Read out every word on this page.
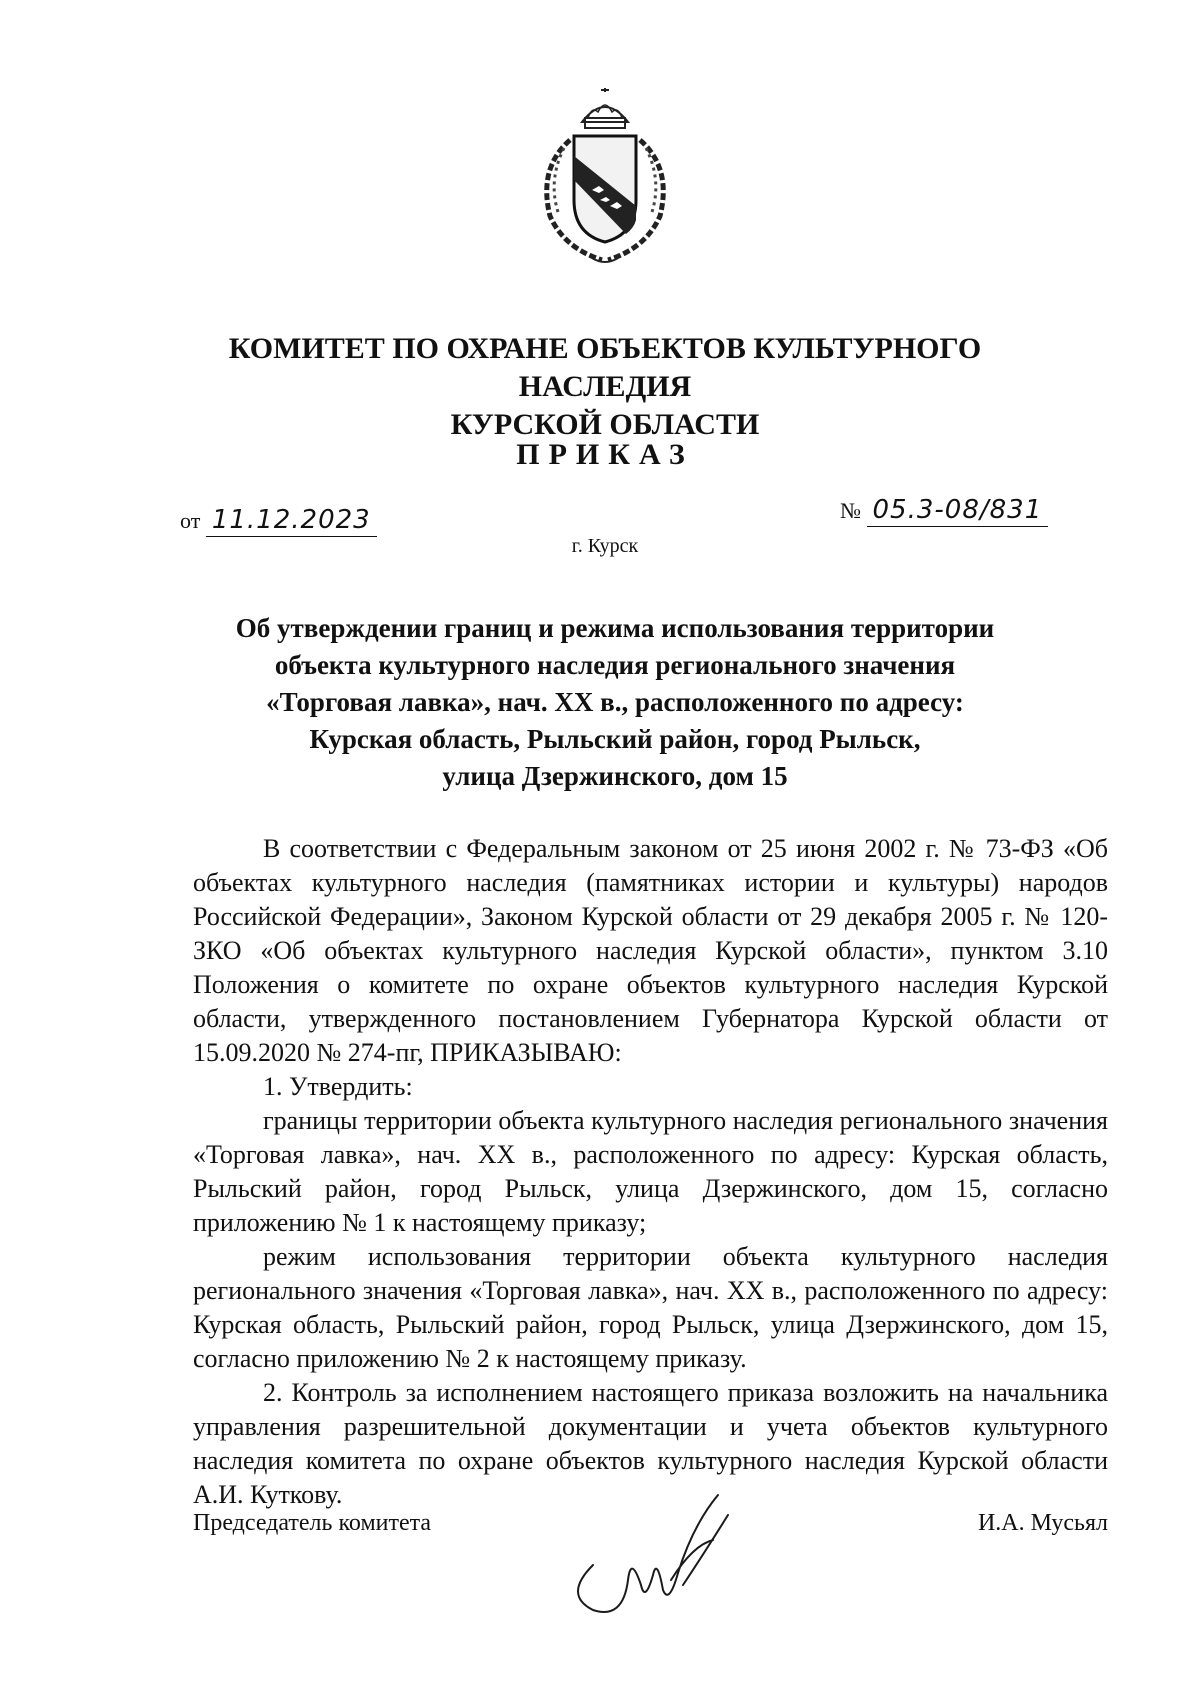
КОМИТЕТ ПО ОХРАНЕ ОБЪЕКТОВ КУЛЬТУРНОГО НАСЛЕДИЯ
КУРСКОЙ ОБЛАСТИ
ПРИКАЗ
от 11.12.2023	№ 05.3-08/831
г. Курск
Об утверждении границ и режима использования территории
объекта культурного наследия регионального значения
«Торговая лавка», нач. XX в., расположенного по адресу:
Курская область, Рыльский район, город Рыльск,
улица Дзержинского, дом 15

В соответствии с Федеральным законом от 25 июня 2002 г. № 73-ФЗ «Об объектах культурного наследия (памятниках истории и культуры) народов Российской Федерации», Законом Курской области от 29 декабря 2005 г. № 120-ЗКО «Об объектах культурного наследия Курской области», пунктом 3.10 Положения о комитете по охране объектов культурного наследия Курской области, утвержденного постановлением Губернатора Курской области от 15.09.2020 № 274-пг, ПРИКАЗЫВАЮ:

1. Утвердить:

границы территории объекта культурного наследия регионального значения «Торговая лавка», нач. XX в., расположенного по адресу: Курская область, Рыльский район, город Рыльск, улица Дзержинского, дом 15, согласно приложению № 1 к настоящему приказу;

режим использования территории объекта культурного наследия регионального значения «Торговая лавка», нач. XX в., расположенного по адресу: Курская область, Рыльский район, город Рыльск, улица Дзержинского, дом 15, согласно приложению № 2 к настоящему приказу.

2. Контроль за исполнением настоящего приказа возложить на начальника управления разрешительной документации и учета объектов культурного наследия комитета по охране объектов культурного наследия Курской области А.И. Куткову.

Председатель комитета	И.А. Мусьял
